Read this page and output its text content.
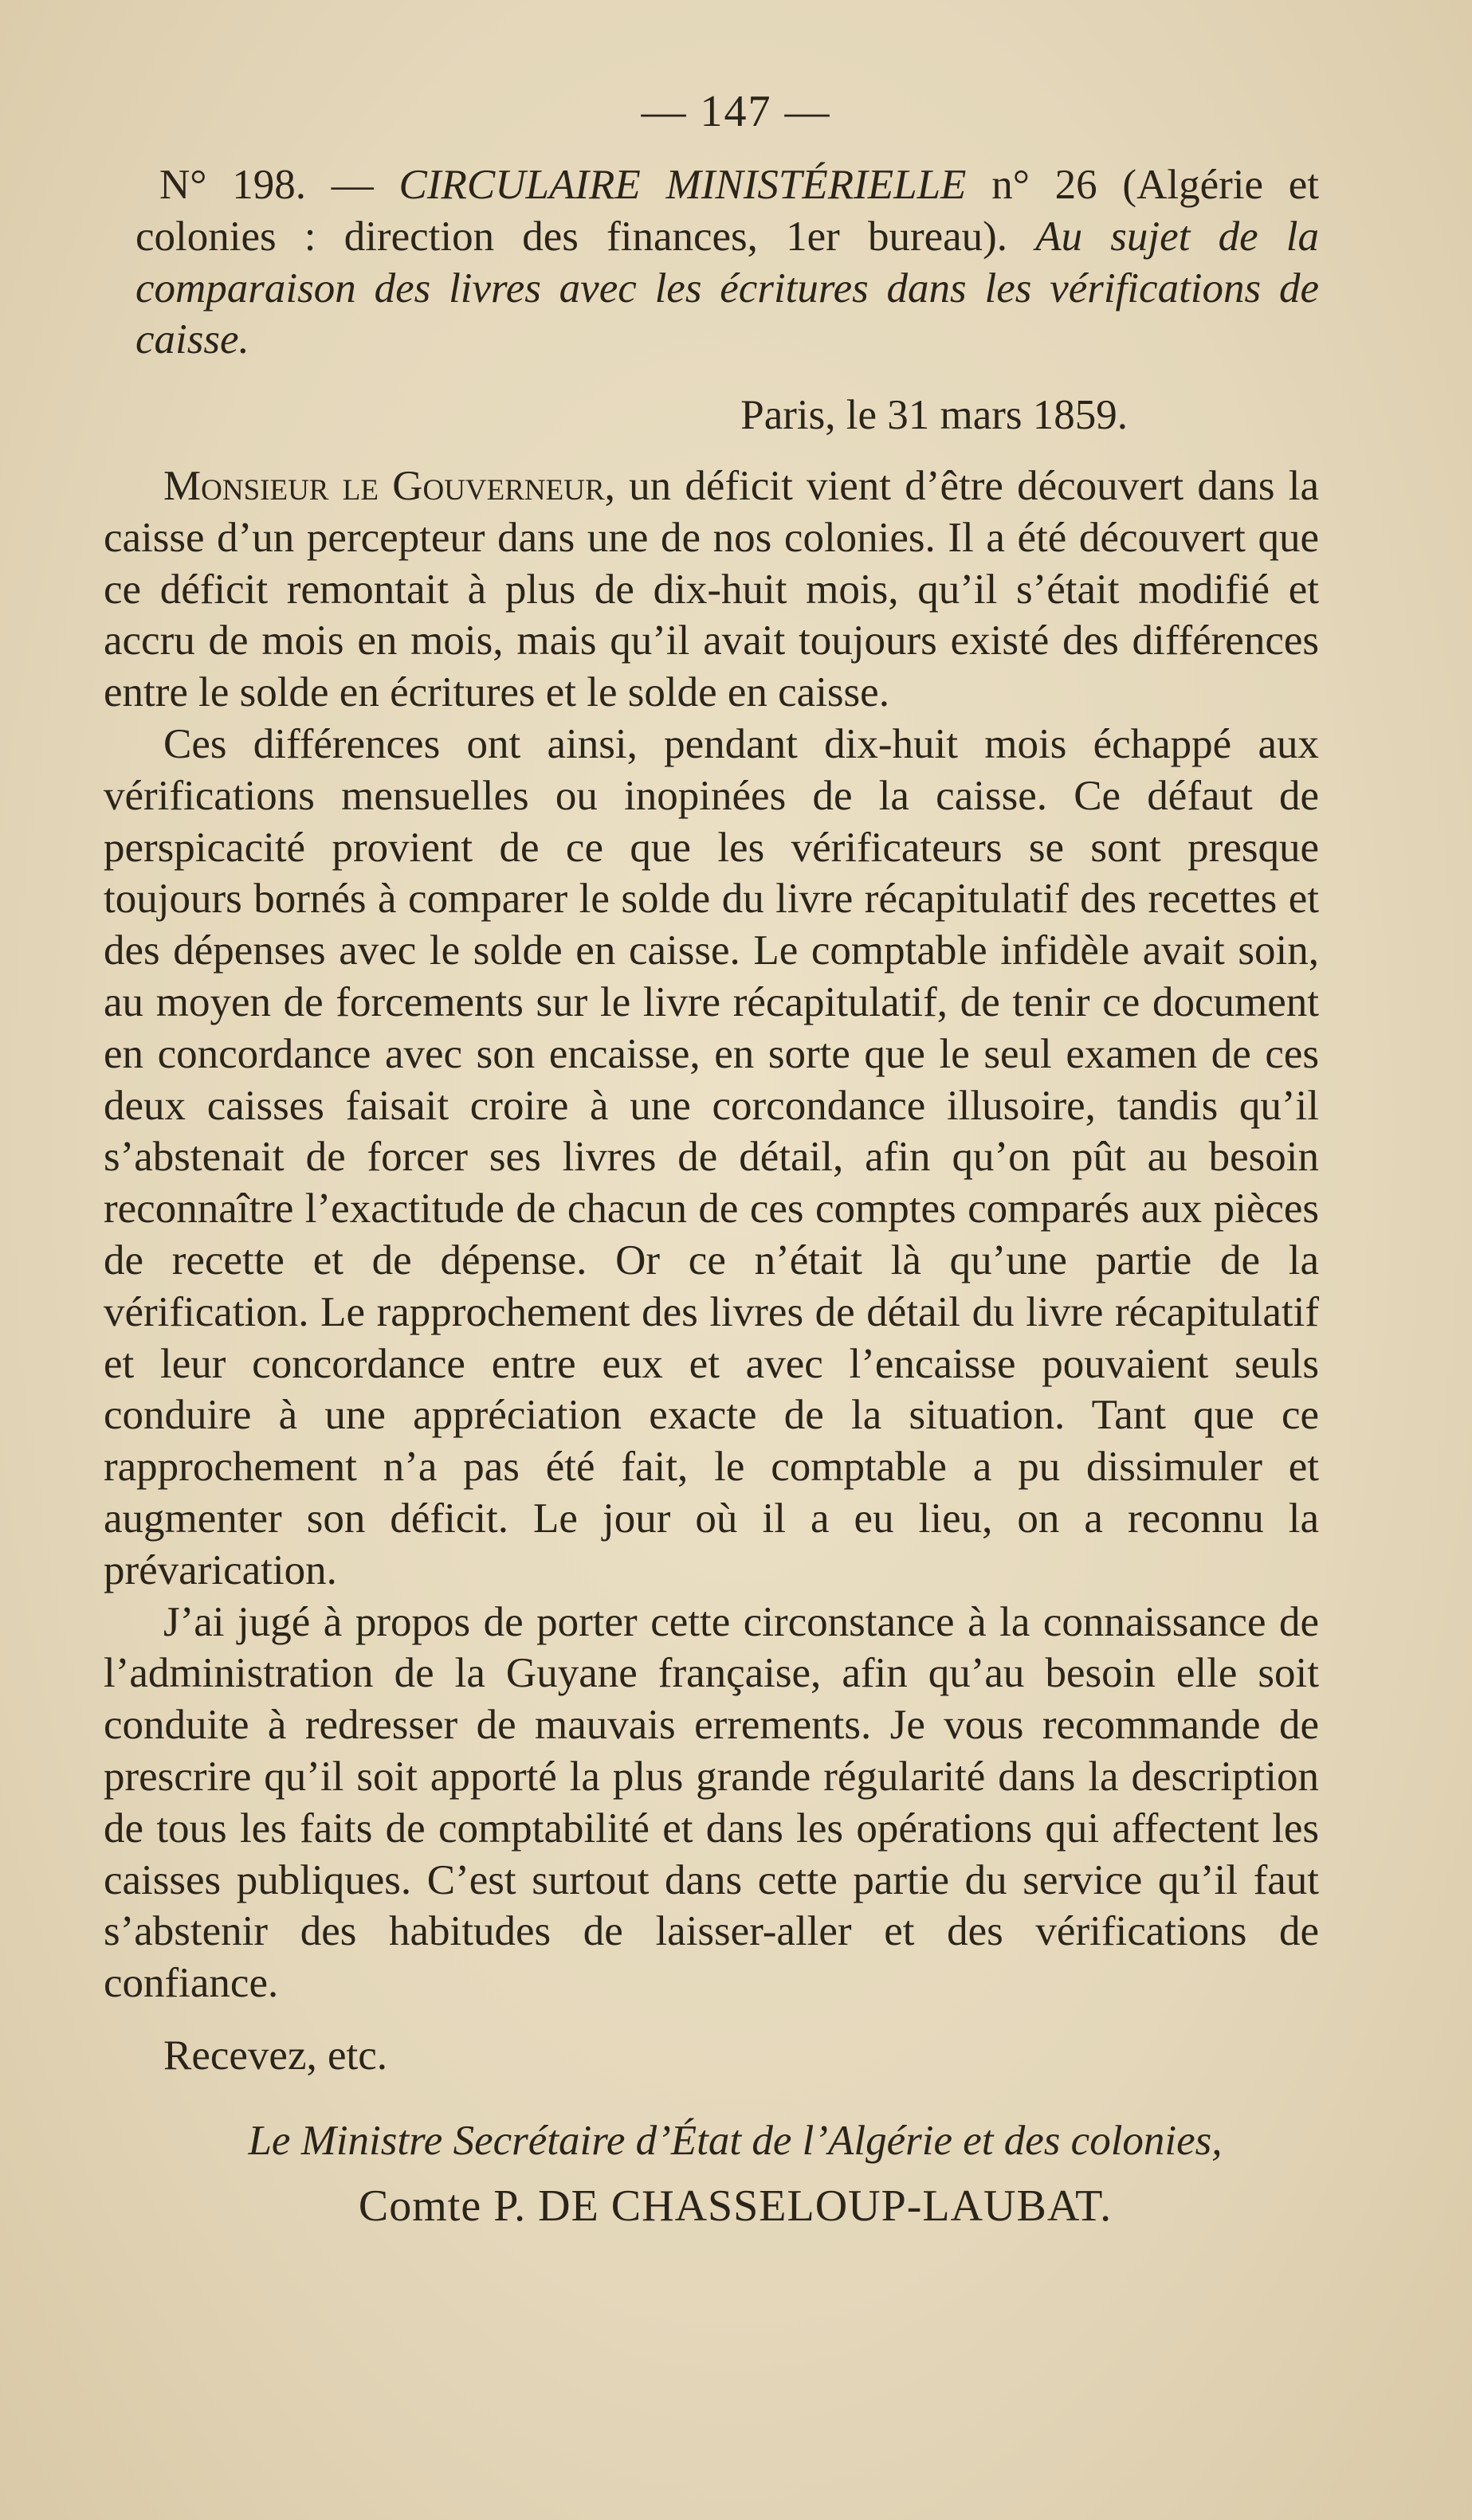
— 147 —

N° 198. — CIRCULAIRE MINISTÉRIELLE n° 26 (Algérie et colonies : direction des finances, 1er bureau). Au sujet de la comparaison des livres avec les écritures dans les vérifications de caisse.

Paris, le 31 mars 1859.

Monsieur le Gouverneur, un déficit vient d’être découvert dans la caisse d’un percepteur dans une de nos colonies. Il a été découvert que ce déficit remontait à plus de dix-huit mois, qu’il s’était modifié et accru de mois en mois, mais qu’il avait toujours existé des différences entre le solde en écritures et le solde en caisse.

Ces différences ont ainsi, pendant dix-huit mois échappé aux vérifications mensuelles ou inopinées de la caisse. Ce défaut de perspicacité provient de ce que les vérificateurs se sont presque toujours bornés à comparer le solde du livre récapitulatif des recettes et des dépenses avec le solde en caisse. Le comptable infidèle avait soin, au moyen de forcements sur le livre récapitulatif, de tenir ce document en concordance avec son encaisse, en sorte que le seul examen de ces deux caisses faisait croire à une corcondance illusoire, tandis qu’il s’abstenait de forcer ses livres de détail, afin qu’on pût au besoin reconnaître l’exactitude de chacun de ces comptes comparés aux pièces de recette et de dépense. Or ce n’était là qu’une partie de la vérification. Le rapprochement des livres de détail du livre récapitulatif et leur concordance entre eux et avec l’encaisse pouvaient seuls conduire à une appréciation exacte de la situation. Tant que ce rapprochement n’a pas été fait, le comptable a pu dissimuler et augmenter son déficit. Le jour où il a eu lieu, on a reconnu la prévarication.

J’ai jugé à propos de porter cette circonstance à la connaissance de l’administration de la Guyane française, afin qu’au besoin elle soit conduite à redresser de mauvais errements. Je vous recommande de prescrire qu’il soit apporté la plus grande régularité dans la description de tous les faits de comptabilité et dans les opérations qui affectent les caisses publiques. C’est surtout dans cette partie du service qu’il faut s’abstenir des habitudes de laisser-aller et des vérifications de confiance.

Recevez, etc.

Le Ministre Secrétaire d’État de l’Algérie et des colonies,
Comte P. DE CHASSELOUP-LAUBAT.
